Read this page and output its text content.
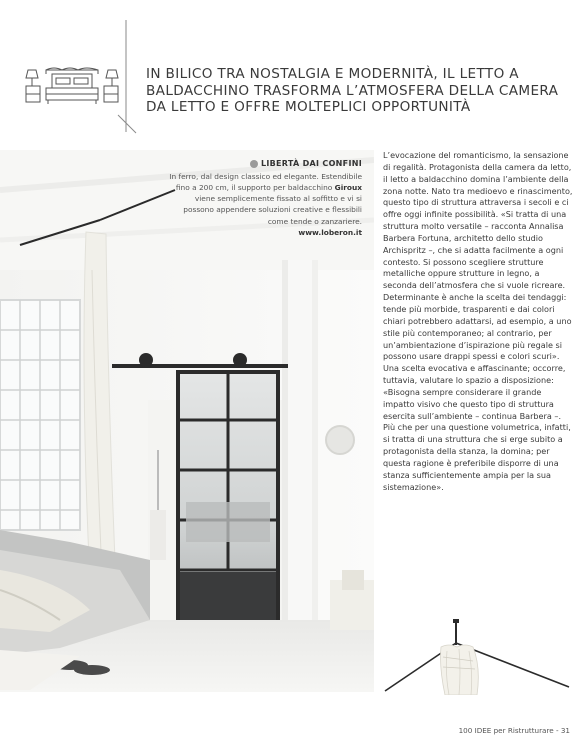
IN BILICO TRA NOSTALGIA E MODERNITÀ, IL LETTO A BALDACCHINO TRASFORMA L’ATMOSFERA DELLA CAMERA DA LETTO E OFFRE MOLTEPLICI OPPORTUNITÀ
LIBERTÀ DAI CONFINI
In ferro, dal design classico ed elegante. Estendibile fino a 200 cm, il supporto per baldacchino Giroux viene semplicemente fissato al soffitto e vi si possono appendere soluzioni creative e flessibili come tende o zanzariere.
www.loberon.it

L’evocazione del romanticismo, la sensazione di regalità. Protagonista della camera da letto, il letto a baldacchino domina l’ambiente della zona notte. Nato tra medioevo e rinascimento, questo tipo di struttura attraversa i secoli e ci offre oggi infinite possibilità. «Si tratta di una struttura molto versatile – racconta Annalisa Barbera Fortuna, architetto dello studio Archispritz –, che si adatta facilmente a ogni contesto. Si possono scegliere strutture metalliche oppure strutture in legno, a seconda dell’atmosfera che si vuole ricreare. Determinante è anche la scelta dei tendaggi: tende più morbide, trasparenti e dai colori chiari potrebbero adattarsi, ad esempio, a uno stile più contemporaneo; al contrario, per un’ambientazione d’ispirazione più regale si possono usare drappi spessi e colori scuri». Una scelta evocativa e affascinante; occorre, tuttavia, valutare lo spazio a disposizione: «Bisogna sempre considerare il grande impatto visivo che questo tipo di struttura esercita sull’ambiente – continua Barbera –. Più che per una questione volumetrica, infatti, si tratta di una struttura che si erge subito a protagonista della stanza, la domina; per questa ragione è preferibile disporre di una stanza sufficientemente ampia per la sua sistemazione».

100 IDEE per Ristrutturare - 31
